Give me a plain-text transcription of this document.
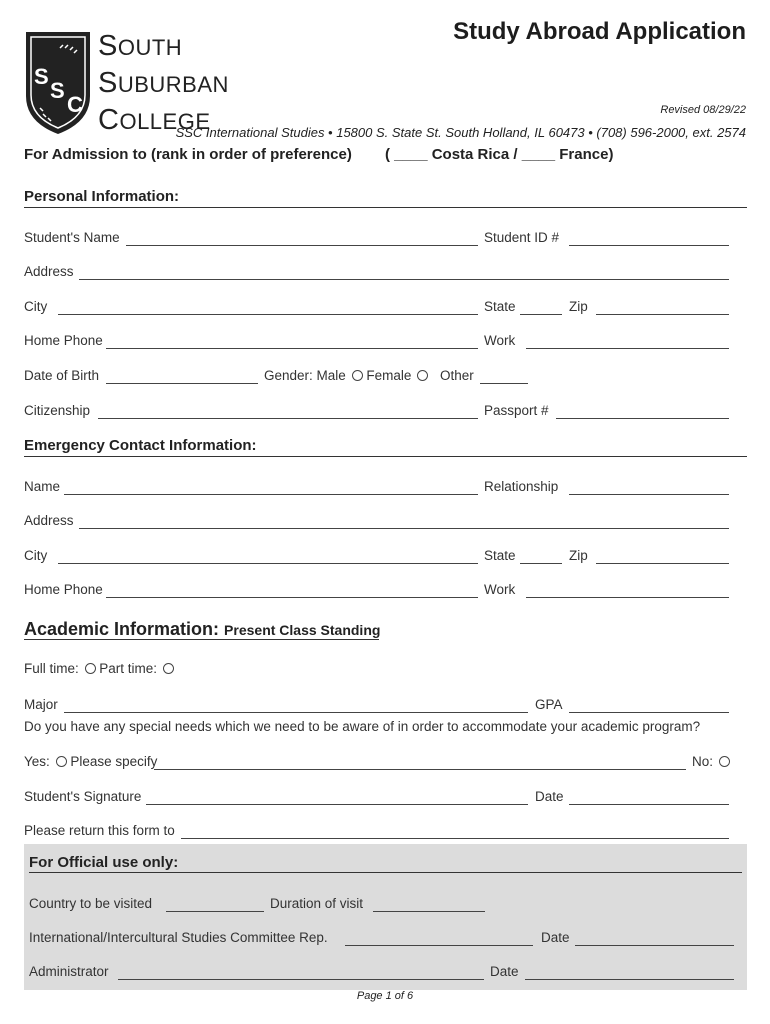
S
S
C
SOUTH
SUBURBAN
COLLEGE
Study Abroad Application
Revised 08/29/22
SSC International Studies • 15800 S. State St. South Holland, IL 60473 • (708) 596-2000, ext. 2574
For Admission to (rank in order of preference) ( ____ Costa Rica / ____ France)
Personal Information:
Student's Name	Student ID #
Address
City	State	Zip
Home Phone	Work
Date of Birth	Gender: Male Female	Other
Citizenship	Passport #
Emergency Contact Information:
Name	Relationship
Address
City	State	Zip
Home Phone	Work
Academic Information: Present Class Standing
Full time: Part time:
Major	GPA
Do you have any special needs which we need to be aware of in order to accommodate your academic program?
Yes: Please specify	No:
Student's Signature	Date
Please return this form to
For Official use only:
Country to be visited	Duration of visit
International/Intercultural Studies Committee Rep.	Date
Administrator	Date
Page 1 of 6
